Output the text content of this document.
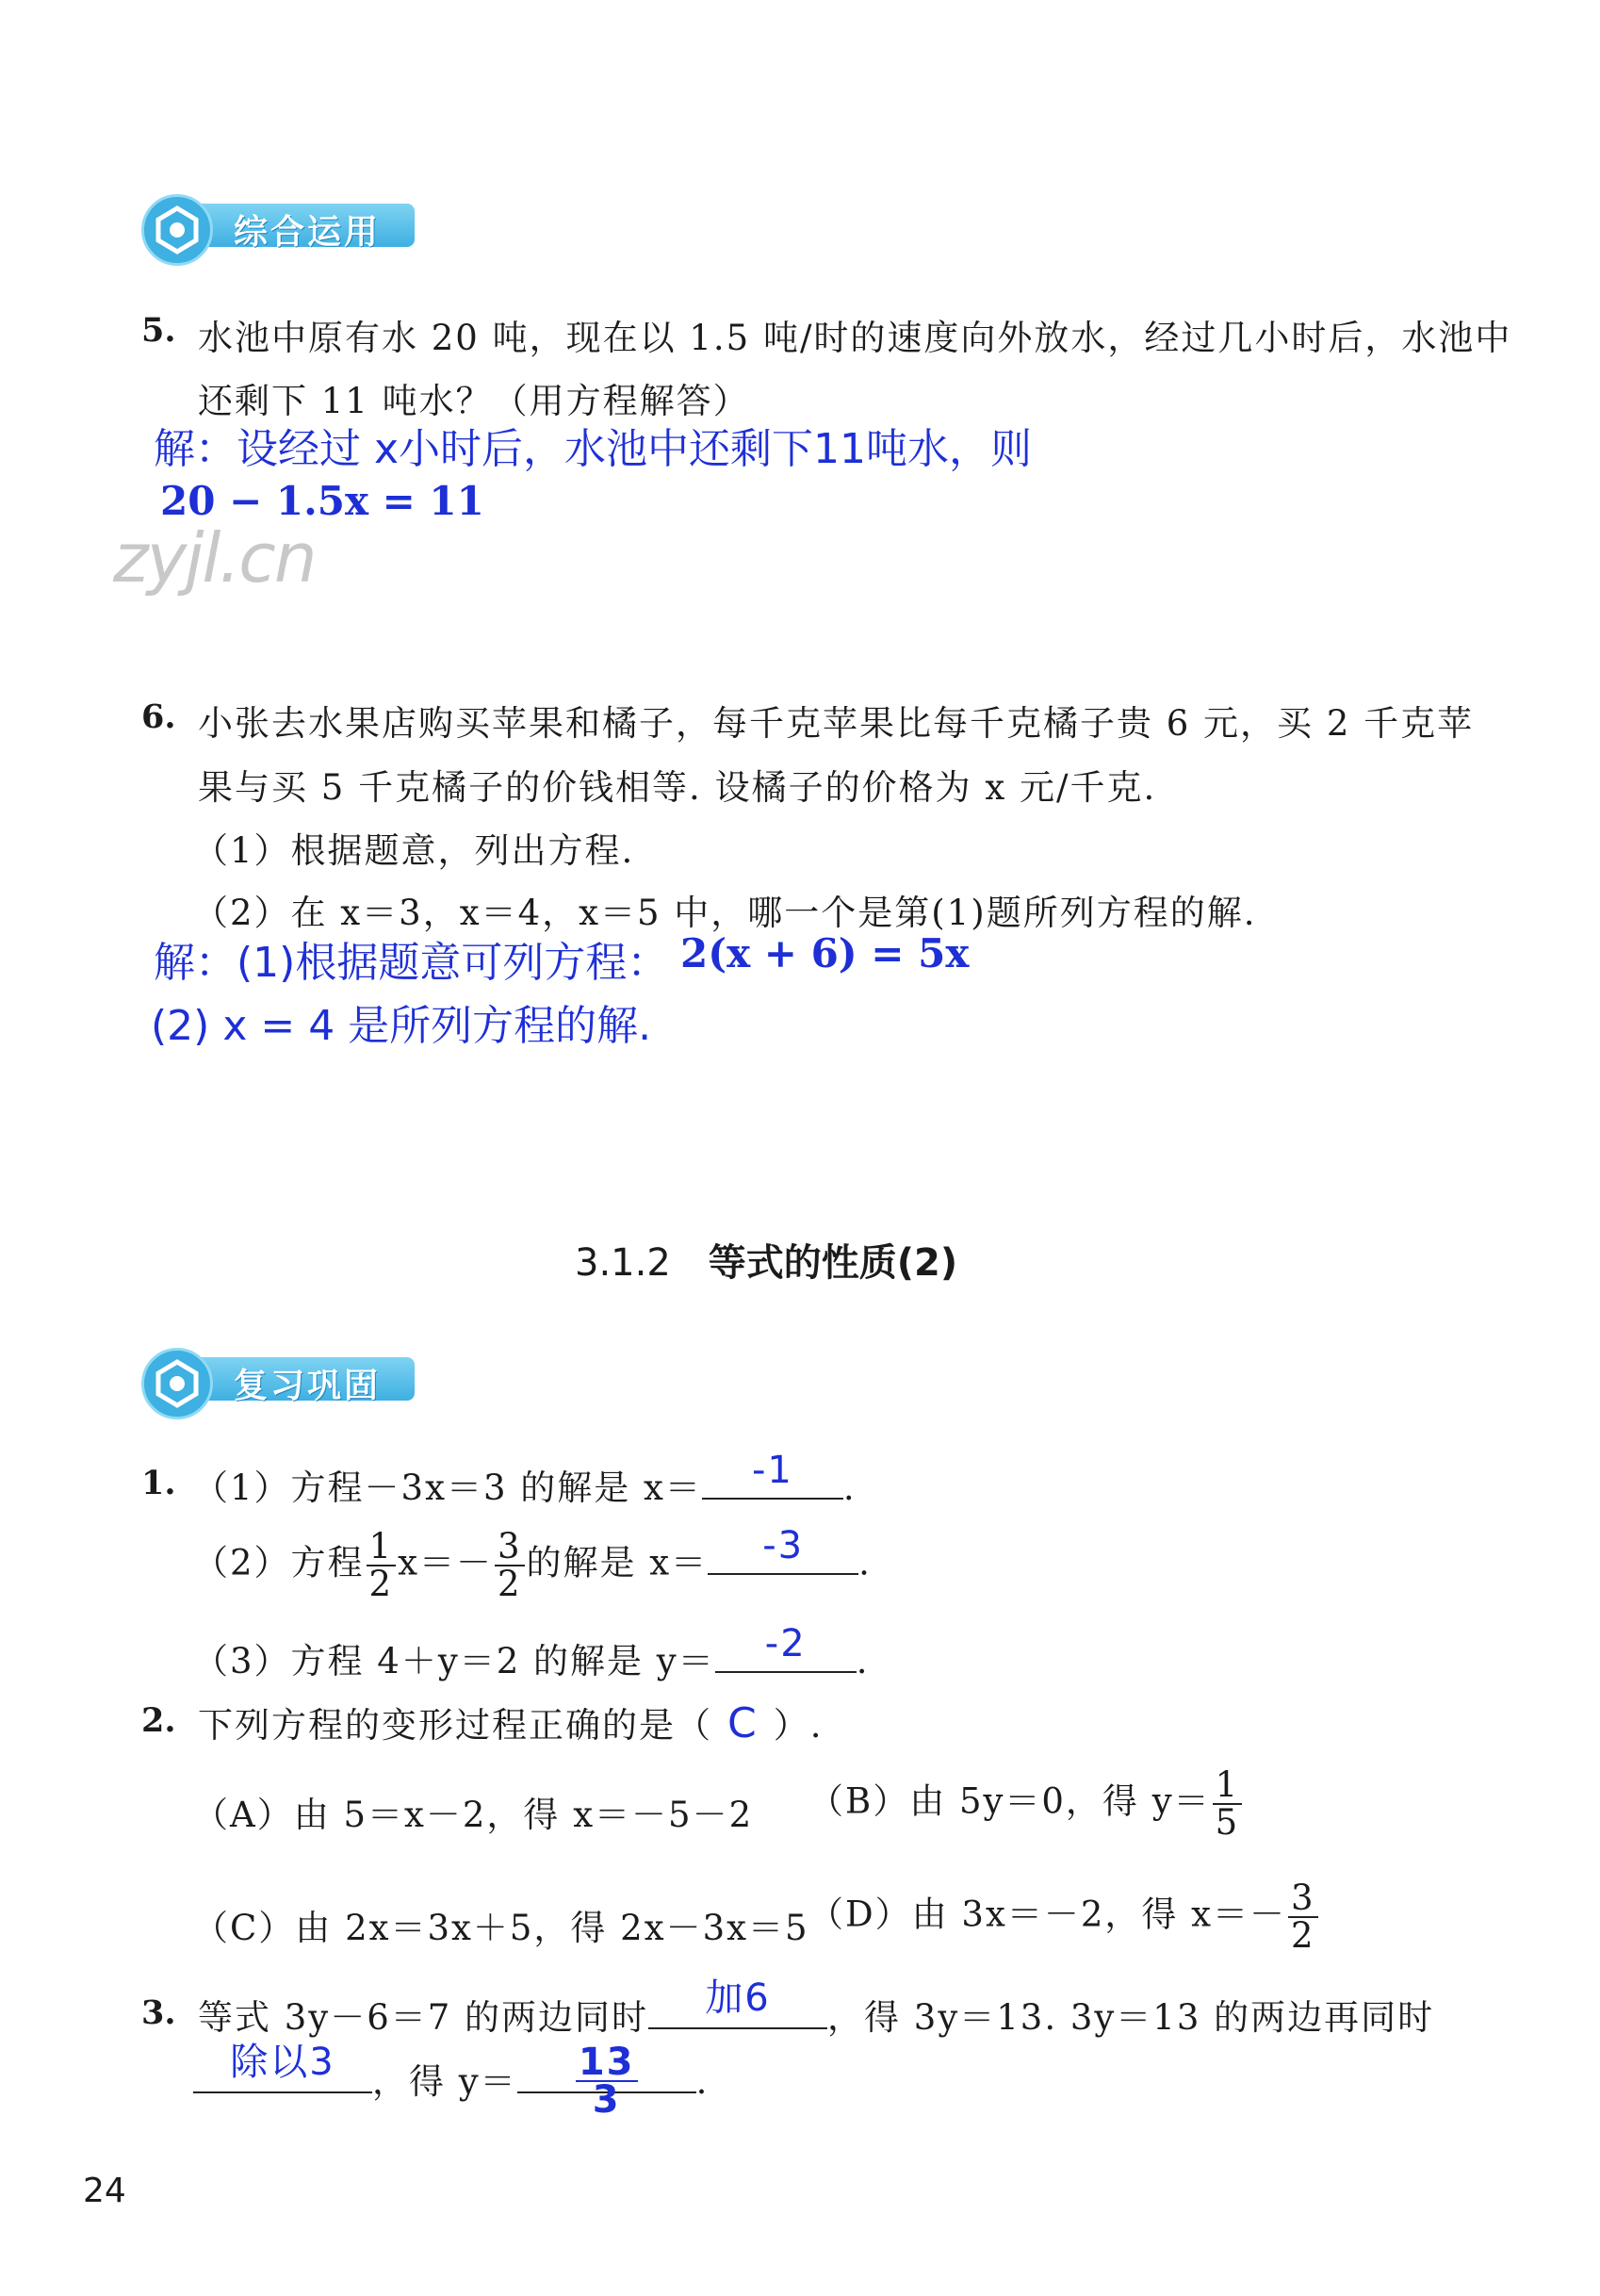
综合运用
5. 水池中原有水 20 吨，现在以 1.5 吨/时的速度向外放水，经过几小时后，水池中
还剩下 11 吨水？（用方程解答）
解：设经过 x小时后，水池中还剩下11吨水，则
20 − 1.5x = 11
zyjl.cn
6. 小张去水果店购买苹果和橘子，每千克苹果比每千克橘子贵 6 元，买 2 千克苹
果与买 5 千克橘子的价钱相等. 设橘子的价格为 x 元/千克.
（1）根据题意，列出方程.
（2）在 x＝3，x＝4，x＝5 中，哪一个是第(1)题所列方程的解.
解：(1)根据题意可列方程： 2(x + 6) = 5x
(2) x = 4 是所列方程的解.
3.1.2 等式的性质(2)
复习巩固
1. （1）方程－3x＝3 的解是 x＝	-1	.
（2）方程 $\frac{1}{2} x=- \frac{3}{2}$ 的解是 x＝	-3	.
（3）方程 4＋y＝2 的解是 y＝	-2	.
2. 下列方程的变形过程正确的是（ C ）.
（A）由 5＝x－2，得 x＝－5－2 （B）由 5y＝0，得 $y= \frac{1}{5}$
（C）由 2x＝3x＋5，得 2x－3x＝5 （D）由 3x＝－2，得 $x=- \frac{3}{2}$
3. 等式 3y－6＝7 的两边同时	加6	，得 3y＝13. 3y＝13 的两边再同时
除以3	，得 $y= \frac{13}{3}$ .
24
